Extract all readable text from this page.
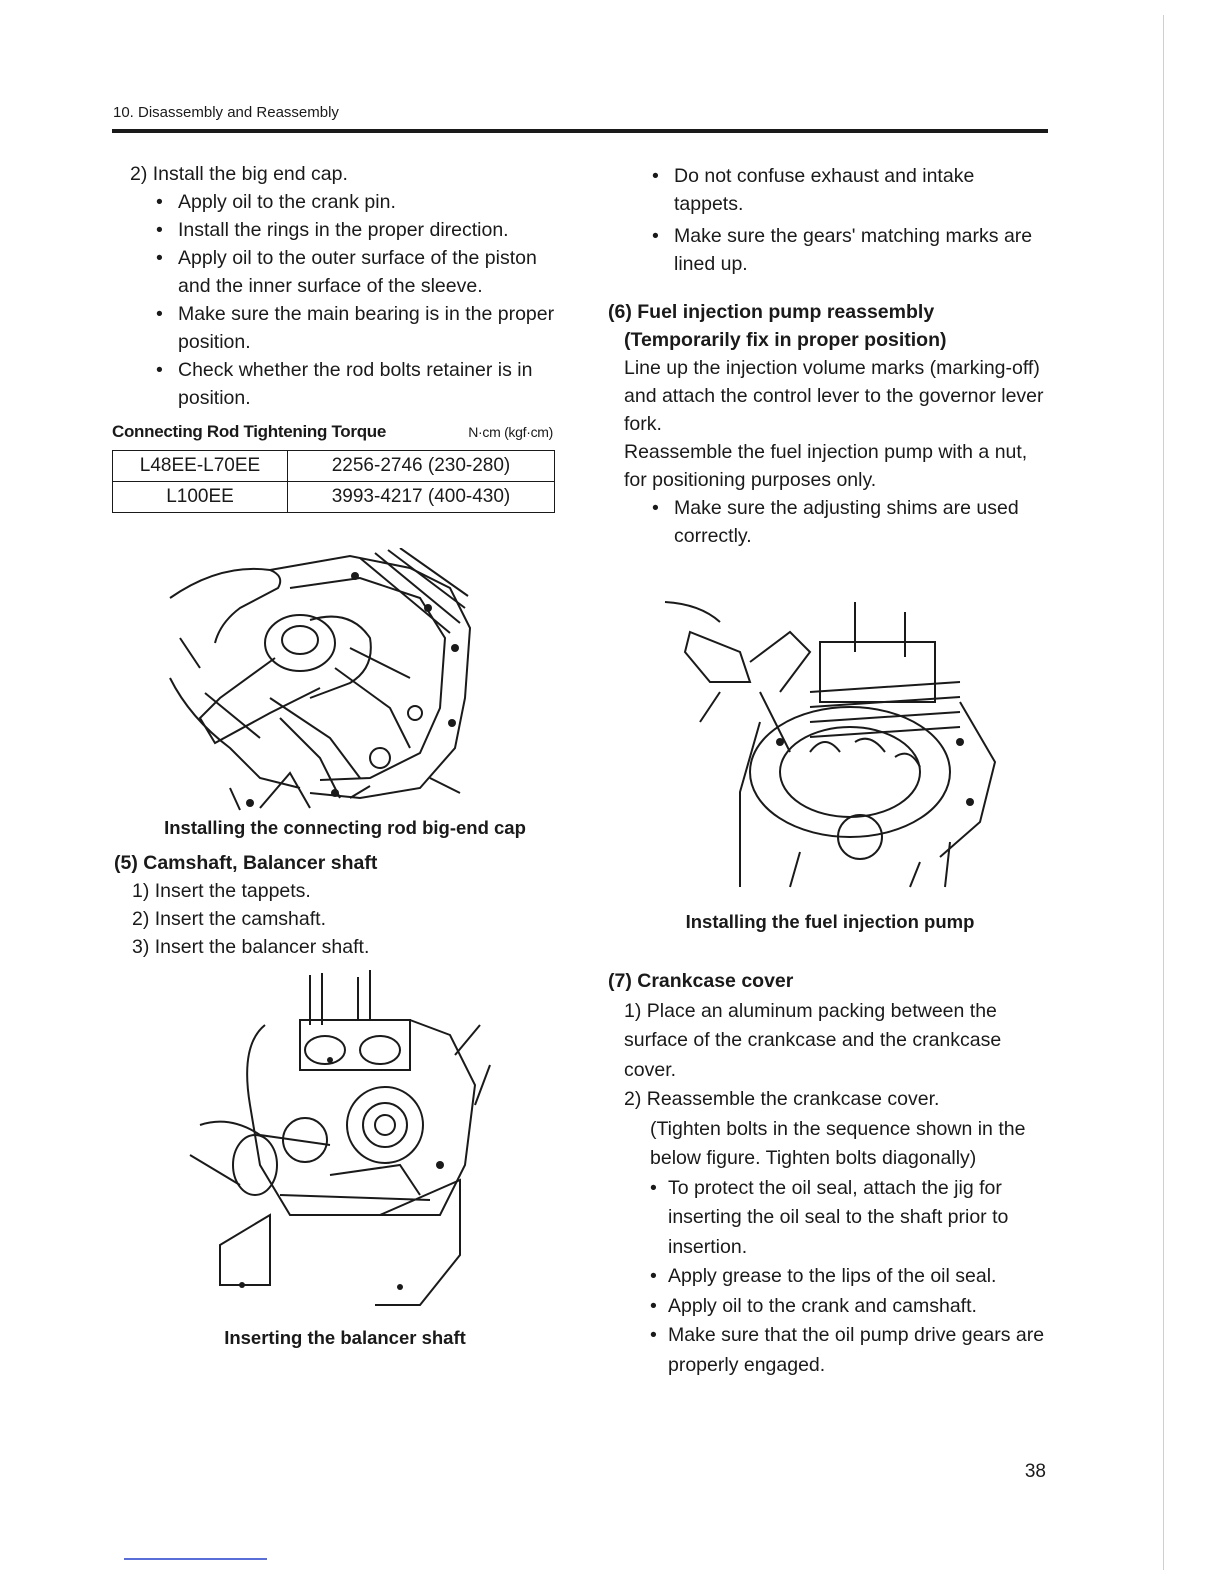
10. Disassembly and Reassembly
2) Install the big end cap.
• Apply oil to the crank pin.
• Install the rings in the proper direction.
• Apply oil to the outer surface of the piston and the inner surface of the sleeve.
• Make sure the main bearing is in the proper position.
• Check whether the rod bolts retainer is in position.
Connecting Rod Tightening Torque	N·cm (kgf·cm)
L48EE-L70EE	2256-2746 (230-280)
L100EE	3993-4217 (400-430)
Installing the connecting rod big-end cap
(5) Camshaft, Balancer shaft
1) Insert the tappets.
2) Insert the camshaft.
3) Insert the balancer shaft.
Inserting the balancer shaft
• Do not confuse exhaust and intake tappets.
• Make sure the gears' matching marks are lined up.
(6) Fuel injection pump reassembly
(Temporarily fix in proper position)
Line up the injection volume marks (marking-off) and attach the control lever to the governor lever fork.
Reassemble the fuel injection pump with a nut, for positioning purposes only.
• Make sure the adjusting shims are used correctly.
Installing the fuel injection pump
(7) Crankcase cover
1) Place an aluminum packing between the surface of the crankcase and the crankcase cover.
2) Reassemble the crankcase cover.
(Tighten bolts in the sequence shown in the below figure. Tighten bolts diagonally)
• To protect the oil seal, attach the jig for inserting the oil seal to the shaft prior to insertion.
• Apply grease to the lips of the oil seal.
• Apply oil to the crank and camshaft.
• Make sure that the oil pump drive gears are properly engaged.
38
